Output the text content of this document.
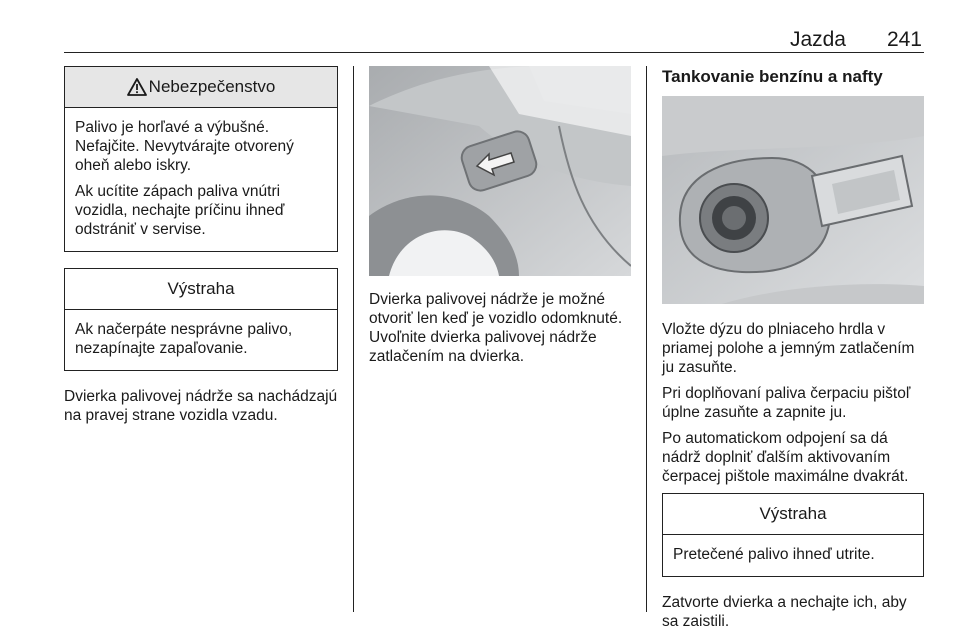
Jazda 241
Nebezpečenstvo

Palivo je horľavé a výbušné. Nefajčite. Nevytvárajte otvorený oheň alebo iskry.

Ak ucítite zápach paliva vnútri vozidla, nechajte príčinu ihneď odstrániť v servise.

Výstraha

Ak načerpáte nesprávne palivo, nezapínajte zapaľovanie.

Dvierka palivovej nádrže sa nachádzajú na pravej strane vozidla vzadu.

Dvierka palivovej nádrže je možné otvoriť len keď je vozidlo odomknuté. Uvoľnite dvierka palivovej nádrže zatlačením na dvierka.

Tankovanie benzínu a nafty

Vložte dýzu do plniaceho hrdla v priamej polohe a jemným zatlačením ju zasuňte.

Pri doplňovaní paliva čerpaciu pištoľ úplne zasuňte a zapnite ju.

Po automatickom odpojení sa dá nádrž doplniť ďalším aktivovaním čerpacej pištole maximálne dvakrát.

Výstraha

Pretečené palivo ihneď utrite.

Zatvorte dvierka a nechajte ich, aby sa zaistili.
